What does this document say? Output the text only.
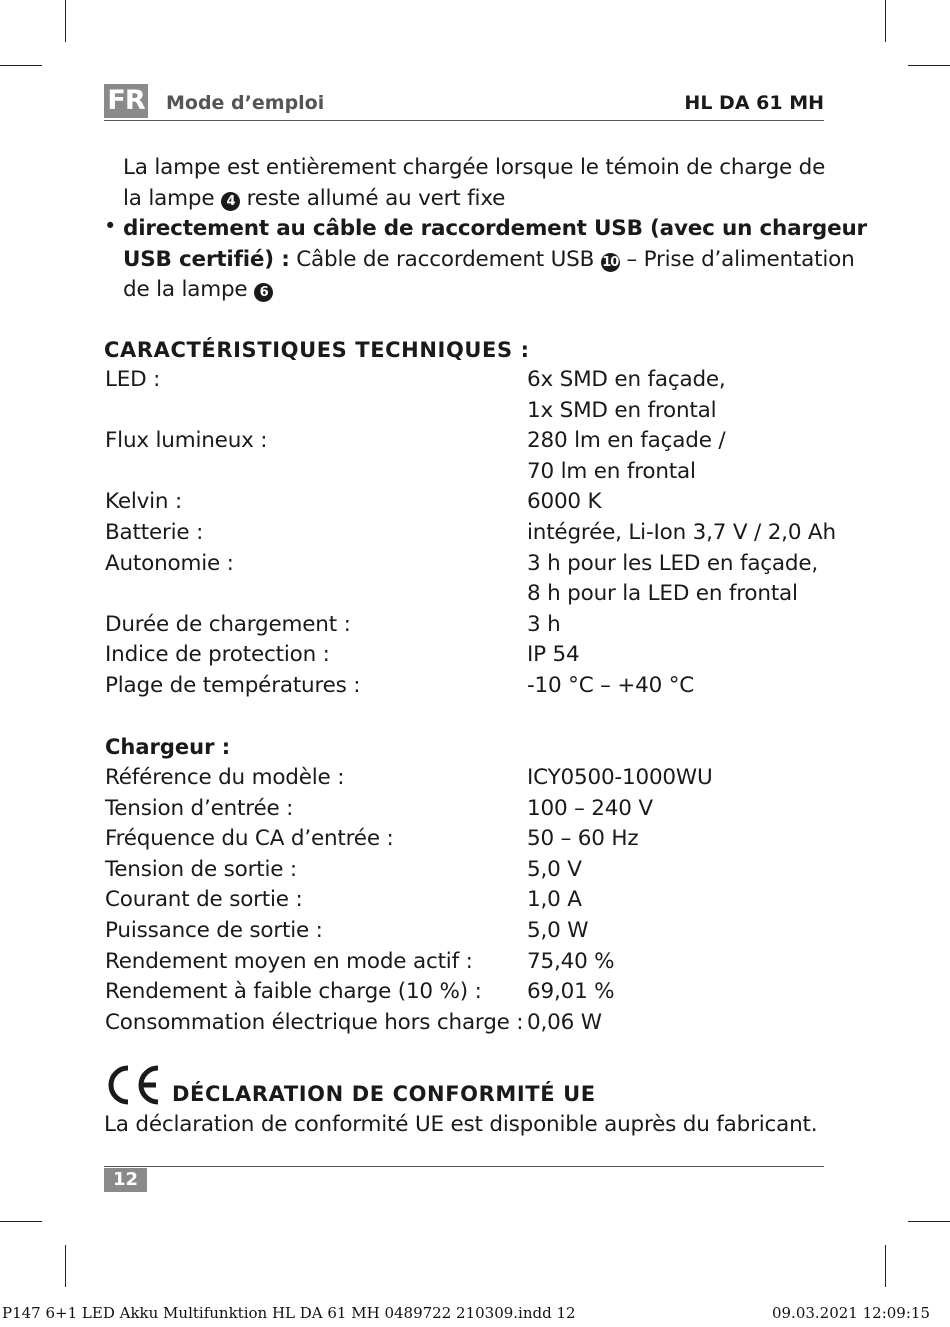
FR Mode d’emploi	HL DA 61 MH
La lampe est entièrement chargée lorsque le témoin de charge de
la lampe 4 reste allumé au vert fixe
• directement au câble de raccordement USB (avec un chargeur
USB certifié) : Câble de raccordement USB 10 – Prise d’alimentation
de la lampe 6
CARACTÉRISTIQUES TECHNIQUES :
LED :	6x SMD en façade,
1x SMD en frontal
Flux lumineux :	280 lm en façade /
70 lm en frontal
Kelvin :	6000 K
Batterie :	intégrée, Li-Ion 3,7 V / 2,0 Ah
Autonomie :	3 h pour les LED en façade,
8 h pour la LED en frontal
Durée de chargement :	3 h
Indice de protection :	IP 54
Plage de températures :	-10 °C – +40 °C
Chargeur :
Référence du modèle :	ICY0500-1000WU
Tension d’entrée :	100 – 240 V
Fréquence du CA d’entrée :	50 – 60 Hz
Tension de sortie :	5,0 V
Courant de sortie :	1,0 A
Puissance de sortie :	5,0 W
Rendement moyen en mode actif :	75,40 %
Rendement à faible charge (10 %) : 69,01 %
Consommation électrique hors charge : 0,06 W
DÉCLARATION DE CONFORMITÉ UE
La déclaration de conformité UE est disponible auprès du fabricant.
12
P147 6+1 LED Akku Multifunktion HL DA 61 MH 0489722 210309.indd 12	09.03.2021 12:09:15
